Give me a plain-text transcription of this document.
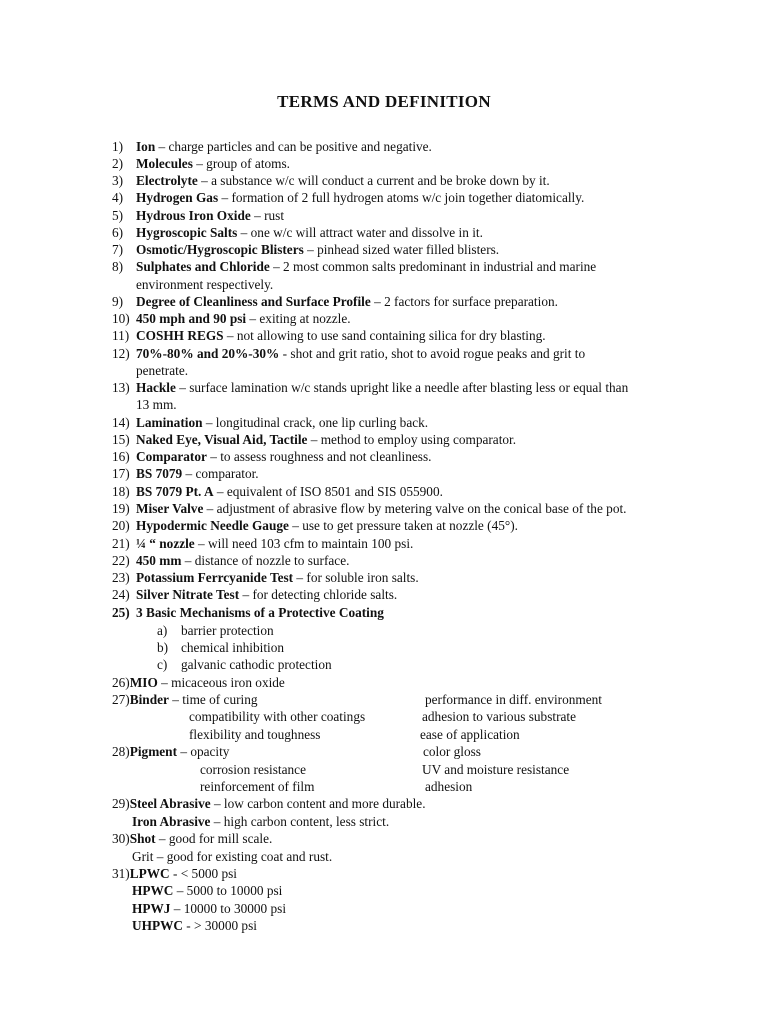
TERMS AND DEFINITION
1) Ion – charge particles and can be positive and negative.
2) Molecules – group of atoms.
3) Electrolyte – a substance w/c will conduct a current and be broke down by it.
4) Hydrogen Gas – formation of 2 full hydrogen atoms w/c join together diatomically.
5) Hydrous Iron Oxide – rust
6) Hygroscopic Salts – one w/c will attract water and dissolve in it.
7) Osmotic/Hygroscopic Blisters – pinhead sized water filled blisters.
8) Sulphates and Chloride – 2 most common salts predominant in industrial and marine
environment respectively.
9) Degree of Cleanliness and Surface Profile – 2 factors for surface preparation.
10) 450 mph and 90 psi – exiting at nozzle.
11) COSHH REGS – not allowing to use sand containing silica for dry blasting.
12) 70%-80% and 20%-30% - shot and grit ratio, shot to avoid rogue peaks and grit to
penetrate.
13) Hackle – surface lamination w/c stands upright like a needle after blasting less or equal than
13 mm.
14) Lamination – longitudinal crack, one lip curling back.
15) Naked Eye, Visual Aid, Tactile – method to employ using comparator.
16) Comparator – to assess roughness and not cleanliness.
17) BS 7079 – comparator.
18) BS 7079 Pt. A – equivalent of ISO 8501 and SIS 055900.
19) Miser Valve – adjustment of abrasive flow by metering valve on the conical base of the pot.
20) Hypodermic Needle Gauge – use to get pressure taken at nozzle (45°).
21) ¼ “ nozzle – will need 103 cfm to maintain 100 psi.
22) 450 mm – distance of nozzle to surface.
23) Potassium Ferrcyanide Test – for soluble iron salts.
24) Silver Nitrate Test – for detecting chloride salts.
25) 3 Basic Mechanisms of a Protective Coating
a) barrier protection
b) chemical inhibition
c) galvanic cathodic protection
26)MIO – micaceous iron oxide
27)Binder – time of curing	performance in diff. environment
compatibility with other coatings	adhesion to various substrate
flexibility and toughness	ease of application
28)Pigment – opacity	color gloss
corrosion resistance	UV and moisture resistance
reinforcement of film	adhesion
29)Steel Abrasive – low carbon content and more durable.
Iron Abrasive – high carbon content, less strict.
30)Shot – good for mill scale.
Grit – good for existing coat and rust.
31)LPWC - < 5000 psi
HPWC – 5000 to 10000 psi
HPWJ – 10000 to 30000 psi
UHPWC - > 30000 psi
